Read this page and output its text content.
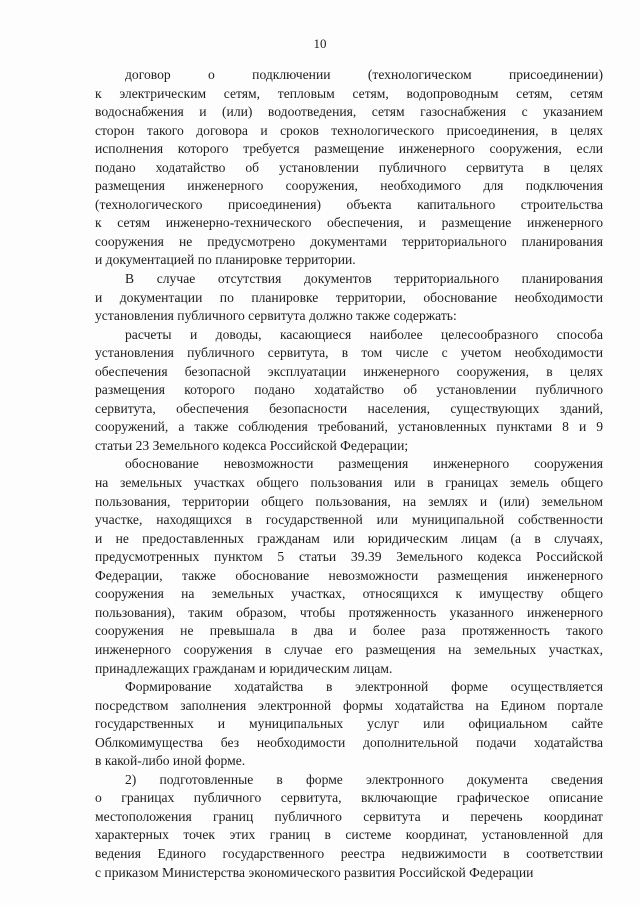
10
договор о подключении (технологическом присоединении)
к электрическим сетям, тепловым сетям, водопроводным сетям, сетям
водоснабжения и (или) водоотведения, сетям газоснабжения с указанием
сторон такого договора и сроков технологического присоединения, в целях
исполнения которого требуется размещение инженерного сооружения, если
подано ходатайство об установлении публичного сервитута в целях
размещения инженерного сооружения, необходимого для подключения
(технологического присоединения) объекта капитального строительства
к сетям инженерно-технического обеспечения, и размещение инженерного
сооружения не предусмотрено документами территориального планирования
и документацией по планировке территории.
В случае отсутствия документов территориального планирования
и документации по планировке территории, обоснование необходимости
установления публичного сервитута должно также содержать:
расчеты и доводы, касающиеся наиболее целесообразного способа
установления публичного сервитута, в том числе с учетом необходимости
обеспечения безопасной эксплуатации инженерного сооружения, в целях
размещения которого подано ходатайство об установлении публичного
сервитута, обеспечения безопасности населения, существующих зданий,
сооружений, а также соблюдения требований, установленных пунктами 8 и 9
статьи 23 Земельного кодекса Российской Федерации;
обоснование невозможности размещения инженерного сооружения
на земельных участках общего пользования или в границах земель общего
пользования, территории общего пользования, на землях и (или) земельном
участке, находящихся в государственной или муниципальной собственности
и не предоставленных гражданам или юридическим лицам (а в случаях,
предусмотренных пунктом 5 статьи 39.39 Земельного кодекса Российской
Федерации, также обоснование невозможности размещения инженерного
сооружения на земельных участках, относящихся к имуществу общего
пользования), таким образом, чтобы протяженность указанного инженерного
сооружения не превышала в два и более раза протяженность такого
инженерного сооружения в случае его размещения на земельных участках,
принадлежащих гражданам и юридическим лицам.
Формирование ходатайства в электронной форме осуществляется
посредством заполнения электронной формы ходатайства на Едином портале
государственных и муниципальных услуг или официальном сайте
Облкомимущества без необходимости дополнительной подачи ходатайства
в какой-либо иной форме.
2) подготовленные в форме электронного документа сведения
о границах публичного сервитута, включающие графическое описание
местоположения границ публичного сервитута и перечень координат
характерных точек этих границ в системе координат, установленной для
ведения Единого государственного реестра недвижимости в соответствии
с приказом Министерства экономического развития Российской Федерации
